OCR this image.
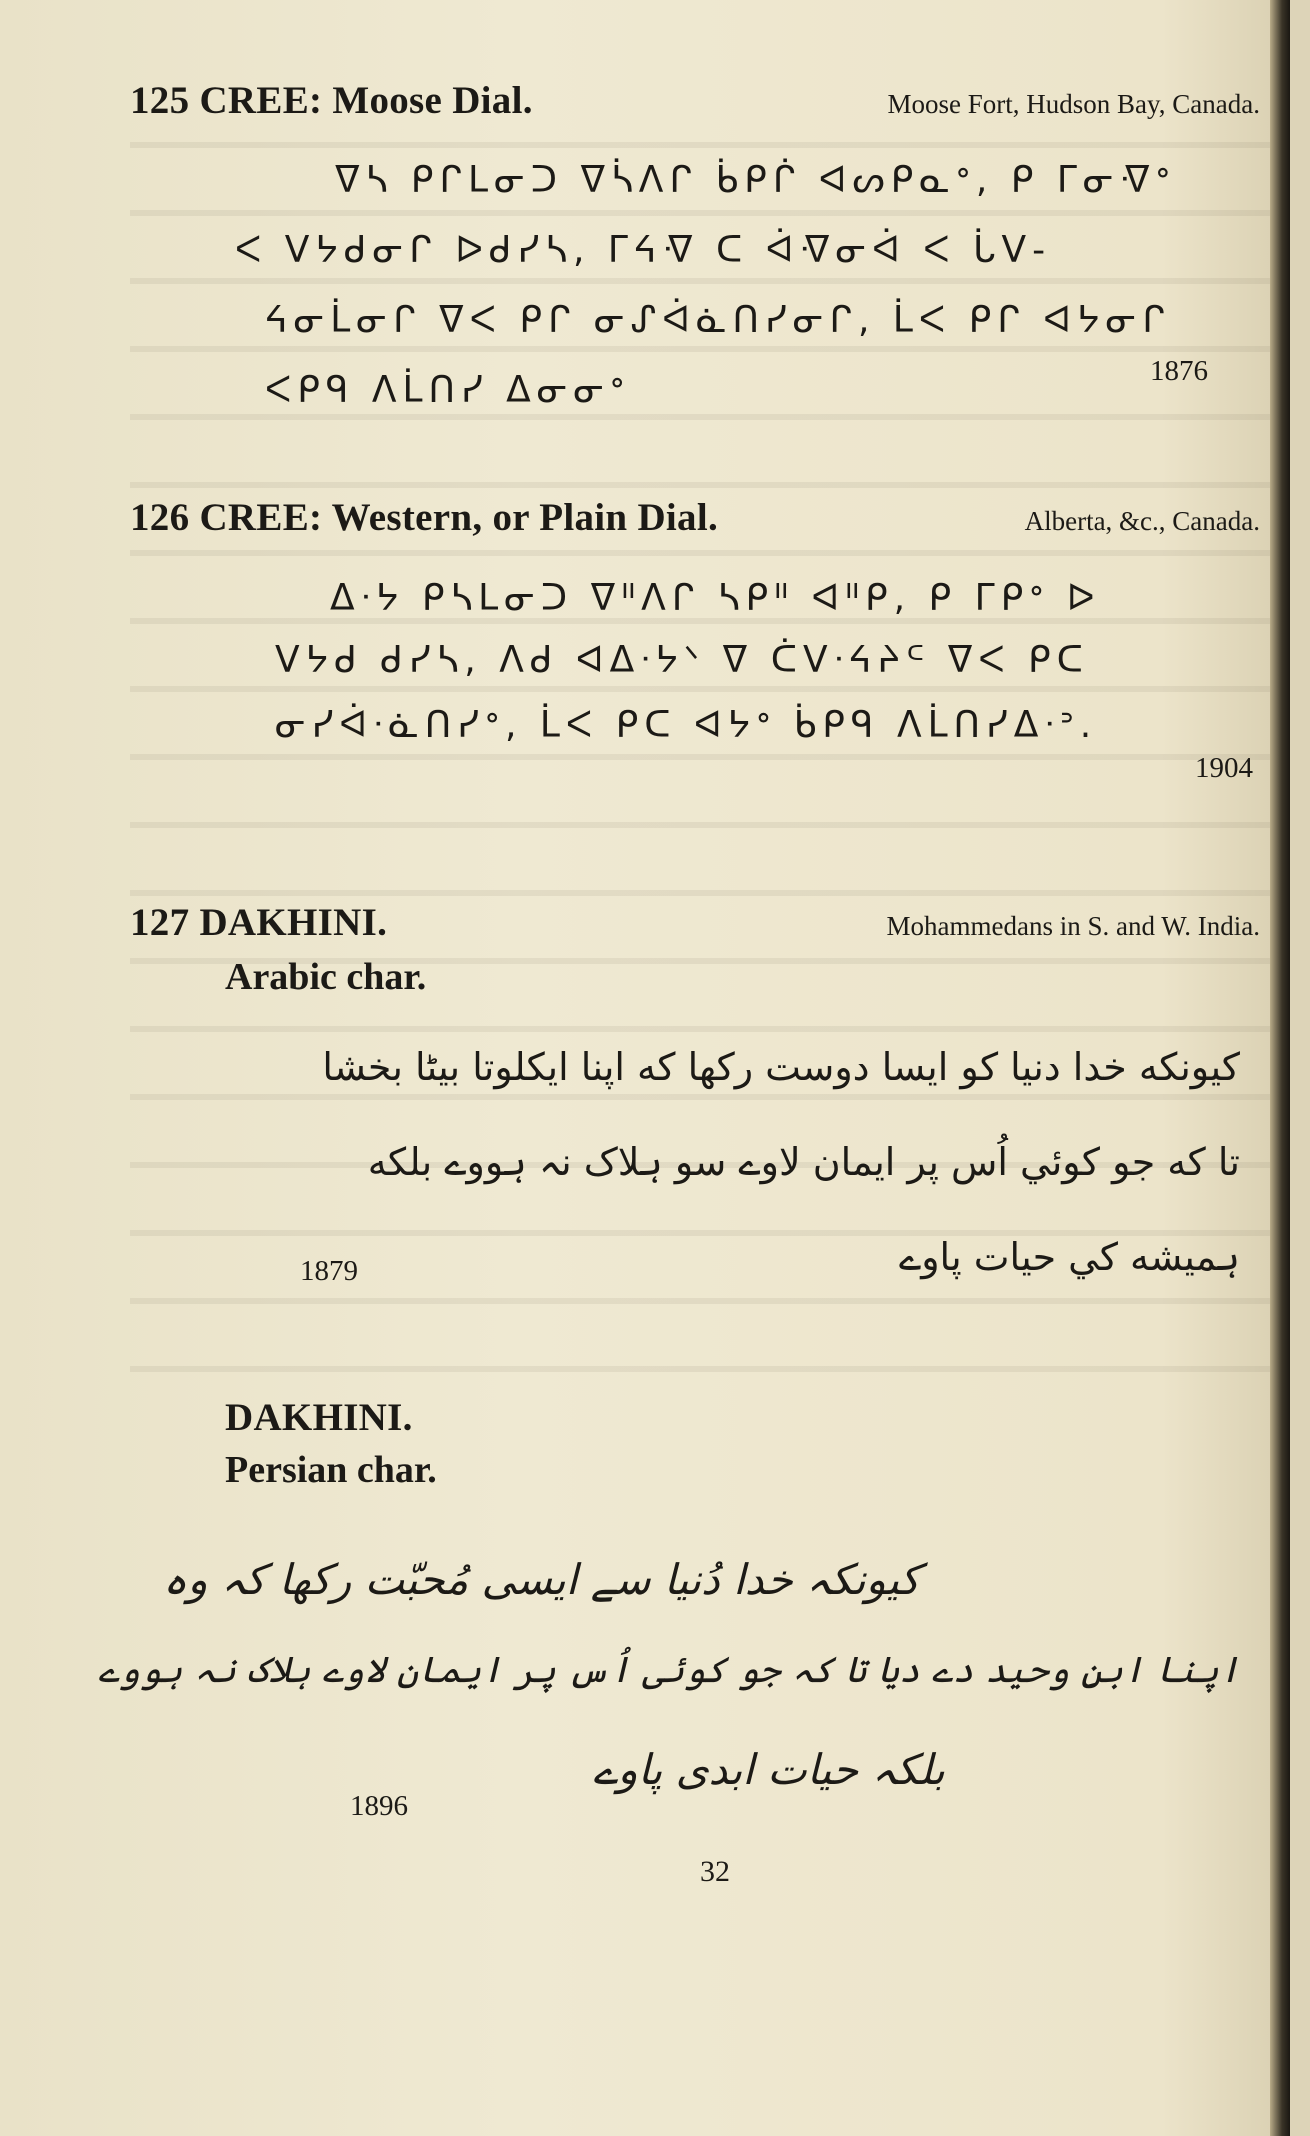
125 CREE: Moose Dial.	Moose Fort, Hudson Bay, Canada.
ᐁᓴ ᑭᒋᒪᓂᑐ ᐁᓵᐱᒋ ᑳᑭᒌ ᐊᔕᑭᓇᐤ, ᑭ ᒥᓂᐌᐤ
ᐸ ᐯᔭᑯᓂᒋ ᐅᑯᓯᓴ, ᒥᔦᐌ ᑕ ᐋᐌᓂᐋ ᐸ ᒑᐯ-
ᔦᓂᒫᓂᒋ ᐁᐸ ᑭᒋ ᓂᔑᐋᓈᑎᓯᓂᒋ, ᒫᐸ ᑭᒋ ᐊᔭᓂᒋ
ᐸᑭᑫ ᐱᒫᑎᓯ ᐃᓂᓂᐤ	1876
126 CREE: Western, or Plain Dial.	Alberta, &c., Canada.
ᐃᐧᔭ ᑭᓴᒪᓂᑐ ᐁᐦᐱᒋ ᓴᑭᐦ ᐊᐦᑭ, ᑭ ᒥᑭᐤ ᐅ
ᐯᔭᑯ ᑯᓯᓴ, ᐱᑯ ᐊᐃᐧᔭᐠ ᐁ ᑖᐯᐧᔦᔨᒼ ᐁᐸ ᑭᑕ
ᓂᓯᐋᐧᓈᑎᓯᐤ, ᒫᐸ ᑭᑕ ᐊᔭᐤ ᑳᑭᑫ ᐱᒫᑎᓯᐃᐧᐣ.
1904
127 DAKHINI.	Mohammedans in S. and W. India.
Arabic char.
کیونکه خدا دنیا کو ایسا دوست رکھا که اپنا ایکلوتا بیٹا بخشا
تا که جو کوئي اُس پر ایمان لاوے سو ہلاک نہ ہووے بلکه
ہمیشه کي حیات پاوے
1879
DAKHINI.
Persian char.
کیونکہ خدا دُنیا سے ایسی مُحبّت رکھا کہ وہ
اپنا ابنِ وحید دے دیا تا کہ جو کوئی اُس پر ایمان لاوے ہلاک نہ ہووے
بلکہ حیات ابدی پاوے
1896
32
